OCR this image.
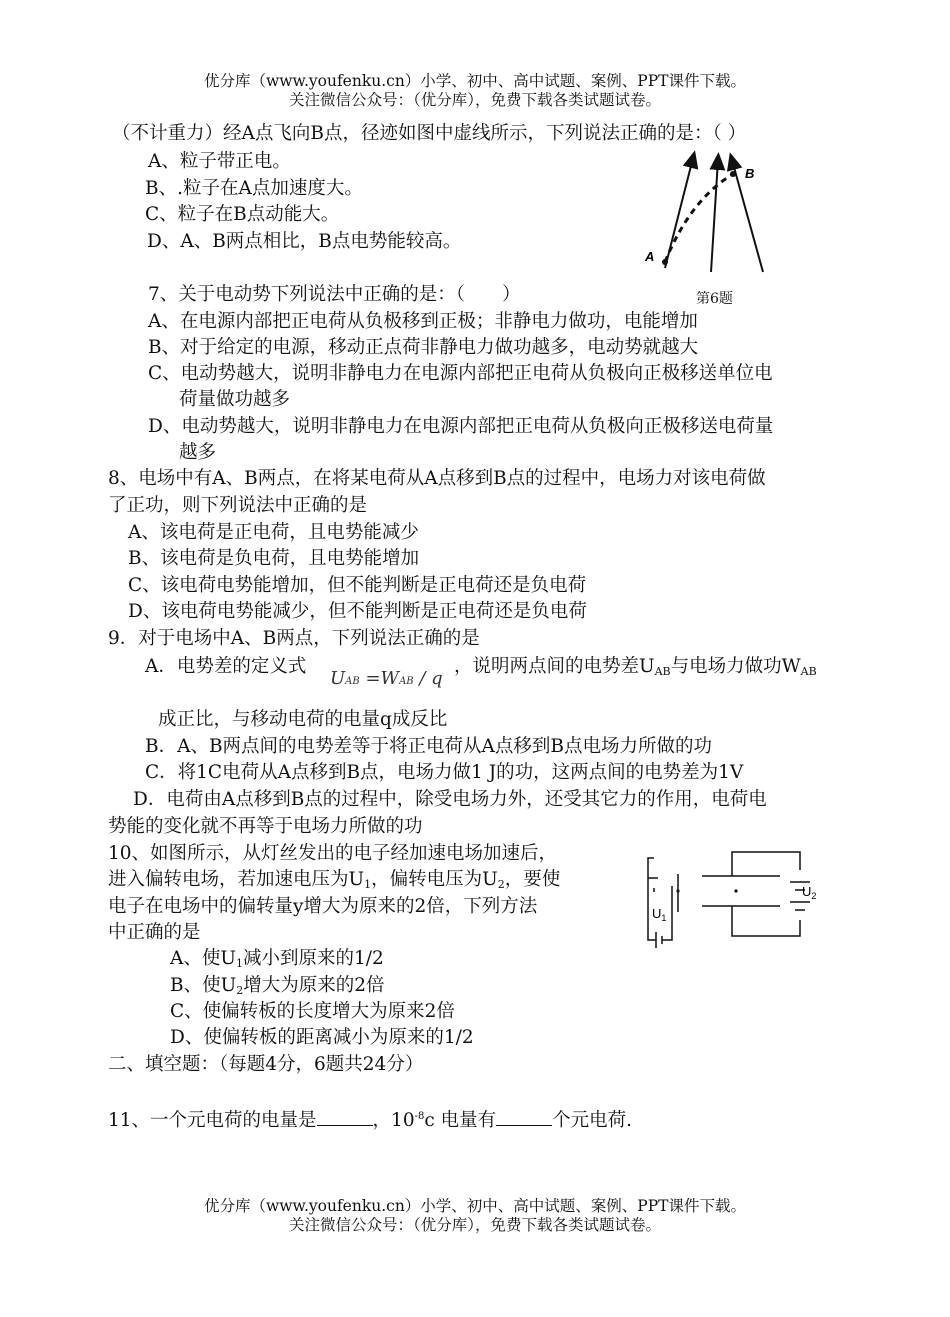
优分库（www.youfenku.cn）小学、初中、高中试题、案例、PPT课件下载。
关注微信公众号：（优分库），免费下载各类试题试卷。
（不计重力）经A点飞向B点，径迹如图中虚线所示，下列说法正确的是：（ ）
A、粒子带正电。
B、.粒子在A点加速度大。
C、粒子在B点动能大。
D、A、B两点相比，B点电势能较高。
A
B
7、关于电动势下列说法中正确的是：（　　）	第6题
A、在电源内部把正电荷从负极移到正极；非静电力做功，电能增加
B、对于给定的电源，移动正点荷非静电力做功越多，电动势就越大
C、电动势越大，说明非静电力在电源内部把正电荷从负极向正极移送单位电
荷量做功越多
D、电动势越大，说明非静电力在电源内部把正电荷从负极向正极移送电荷量
越多
8、电场中有A、B两点，在将某电荷从A点移到B点的过程中，电场力对该电荷做
了正功，则下列说法中正确的是
A、该电荷是正电荷，且电势能减少
B、该电荷是负电荷，且电势能增加
C、该电荷电势能增加，但不能判断是正电荷还是负电荷
D、该电荷电势能减少，但不能判断是正电荷还是负电荷
9．对于电场中A、B两点，下列说法正确的是
A．电势差的定义式
UAB =WAB / q
，说明两点间的电势差$U_{AB}$与电场力做功$W_{AB}$
成正比，与移动电荷的电量q成反比
B．A、B两点间的电势差等于将正电荷从A点移到B点电场力所做的功
C．将1C电荷从A点移到B点，电场力做1 J的功，这两点间的电势差为1V
D．电荷由A点移到B点的过程中，除受电场力外，还受其它力的作用，电荷电
势能的变化就不再等于电场力所做的功
10、如图所示，从灯丝发出的电子经加速电场加速后，
进入偏转电场，若加速电压为$U_1$，偏转电压为$U_2$，要使
电子在电场中的偏转量y增大为原来的2倍，下列方法
中正确的是
A、使$U_1$减小到原来的1/2
B、使$U_2$增大为原来的2倍
C、使偏转板的长度增大为原来2倍
D、使偏转板的距离减小为原来的1/2
$U_1$
$U_2$
二、填空题：（每题4分，6题共24分）
11、一个元电荷的电量是	，$10^{-8}c$ 电量有	个元电荷.
优分库（www.youfenku.cn）小学、初中、高中试题、案例、PPT课件下载。
关注微信公众号：（优分库），免费下载各类试题试卷。
